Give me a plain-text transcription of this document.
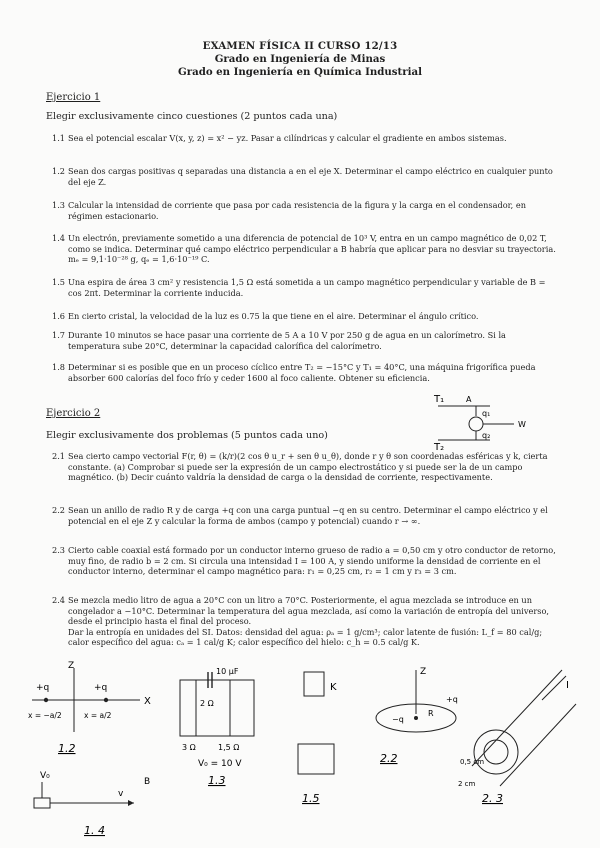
EXAMEN FÍSICA II CURSO 12/13
Grado en Ingeniería de Minas
Grado en Ingeniería en Química Industrial
Ejercicio 1
Elegir exclusivamente cinco cuestiones (2 puntos cada una)
1.1 Sea el potencial escalar V(x, y, z) = x² − yz. Pasar a cilíndricas y calcular el gradiente en ambos sistemas.
1.2 Sean dos cargas positivas q separadas una distancia a en el eje X. Determinar el campo eléctrico en cualquier punto del eje Z.
1.3 Calcular la intensidad de corriente que pasa por cada resistencia de la figura y la carga en el condensador, en régimen estacionario.
1.4 Un electrón, previamente sometido a una diferencia de potencial de 10³ V, entra en un campo magnético de 0,02 T, como se indica. Determinar qué campo eléctrico perpendicular a B habría que aplicar para no desviar su trayectoria. mₑ = 9,1·10⁻²⁸ g, qₑ = 1,6·10⁻¹⁹ C.
1.5 Una espira de área 3 cm² y resistencia 1,5 Ω está sometida a un campo magnético perpendicular y variable de B = cos 2πt. Determinar la corriente inducida.
1.6 En cierto cristal, la velocidad de la luz es 0.75 la que tiene en el aire. Determinar el ángulo crítico.
1.7 Durante 10 minutos se hace pasar una corriente de 5 A a 10 V por 250 g de agua en un calorímetro. Si la temperatura sube 20°C, determinar la capacidad calorífica del calorímetro.
1.8 Determinar si es posible que en un proceso cíclico entre T₂ = −15°C y T₁ = 40°C, una máquina frigorífica pueda absorber 600 calorías del foco frío y ceder 1600 al foco caliente. Obtener su eficiencia.
T₁	A
q₁
W
q₂
T₂
Ejercicio 2
Elegir exclusivamente dos problemas (5 puntos cada uno)
2.1 Sea cierto campo vectorial F(r, θ) = (k/r)(2 cos θ u_r + sen θ u_θ), donde r y θ son coordenadas esféricas y k, cierta constante. (a) Comprobar si puede ser la expresión de un campo electrostático y si puede ser la de un campo magnético. (b) Decir cuánto valdría la densidad de carga o la densidad de corriente, respectivamente.
2.2 Sean un anillo de radio R y de carga +q con una carga puntual −q en su centro. Determinar el campo eléctrico y el potencial en el eje Z y calcular la forma de ambos (campo y potencial) cuando r → ∞.
2.3 Cierto cable coaxial está formado por un conductor interno grueso de radio a = 0,50 cm y otro conductor de retorno, muy fino, de radio b = 2 cm. Si circula una intensidad I = 100 A, y siendo uniforme la densidad de corriente en el conductor interno, determinar el campo magnético para: r₁ = 0,25 cm, r₂ = 1 cm y r₃ = 3 cm.
2.4 Se mezcla medio litro de agua a 20°C con un litro a 70°C. Posteriormente, el agua mezclada se introduce en un congelador a −10°C. Determinar la temperatura del agua mezclada, así como la variación de entropía del universo, desde el principio hasta el final del proceso.
Dar la entropía en unidades del SI. Datos: densidad del agua: ρₐ = 1 g/cm³; calor latente de fusión: L_f = 80 cal/g; calor específico del agua: cₐ = 1 cal/g K; calor específico del hielo: c_h = 0.5 cal/g K.
Z
X
+q	+q
x = −a/2	x = a/2
1.2
10 μF
2 Ω
3 Ω	1,5 Ω
V₀ = 10 V
1.3
K
1.5
Z
−q
R
+q
2.2
I
0,5 cm
2 cm
2. 3
V₀
v
B
1. 4
